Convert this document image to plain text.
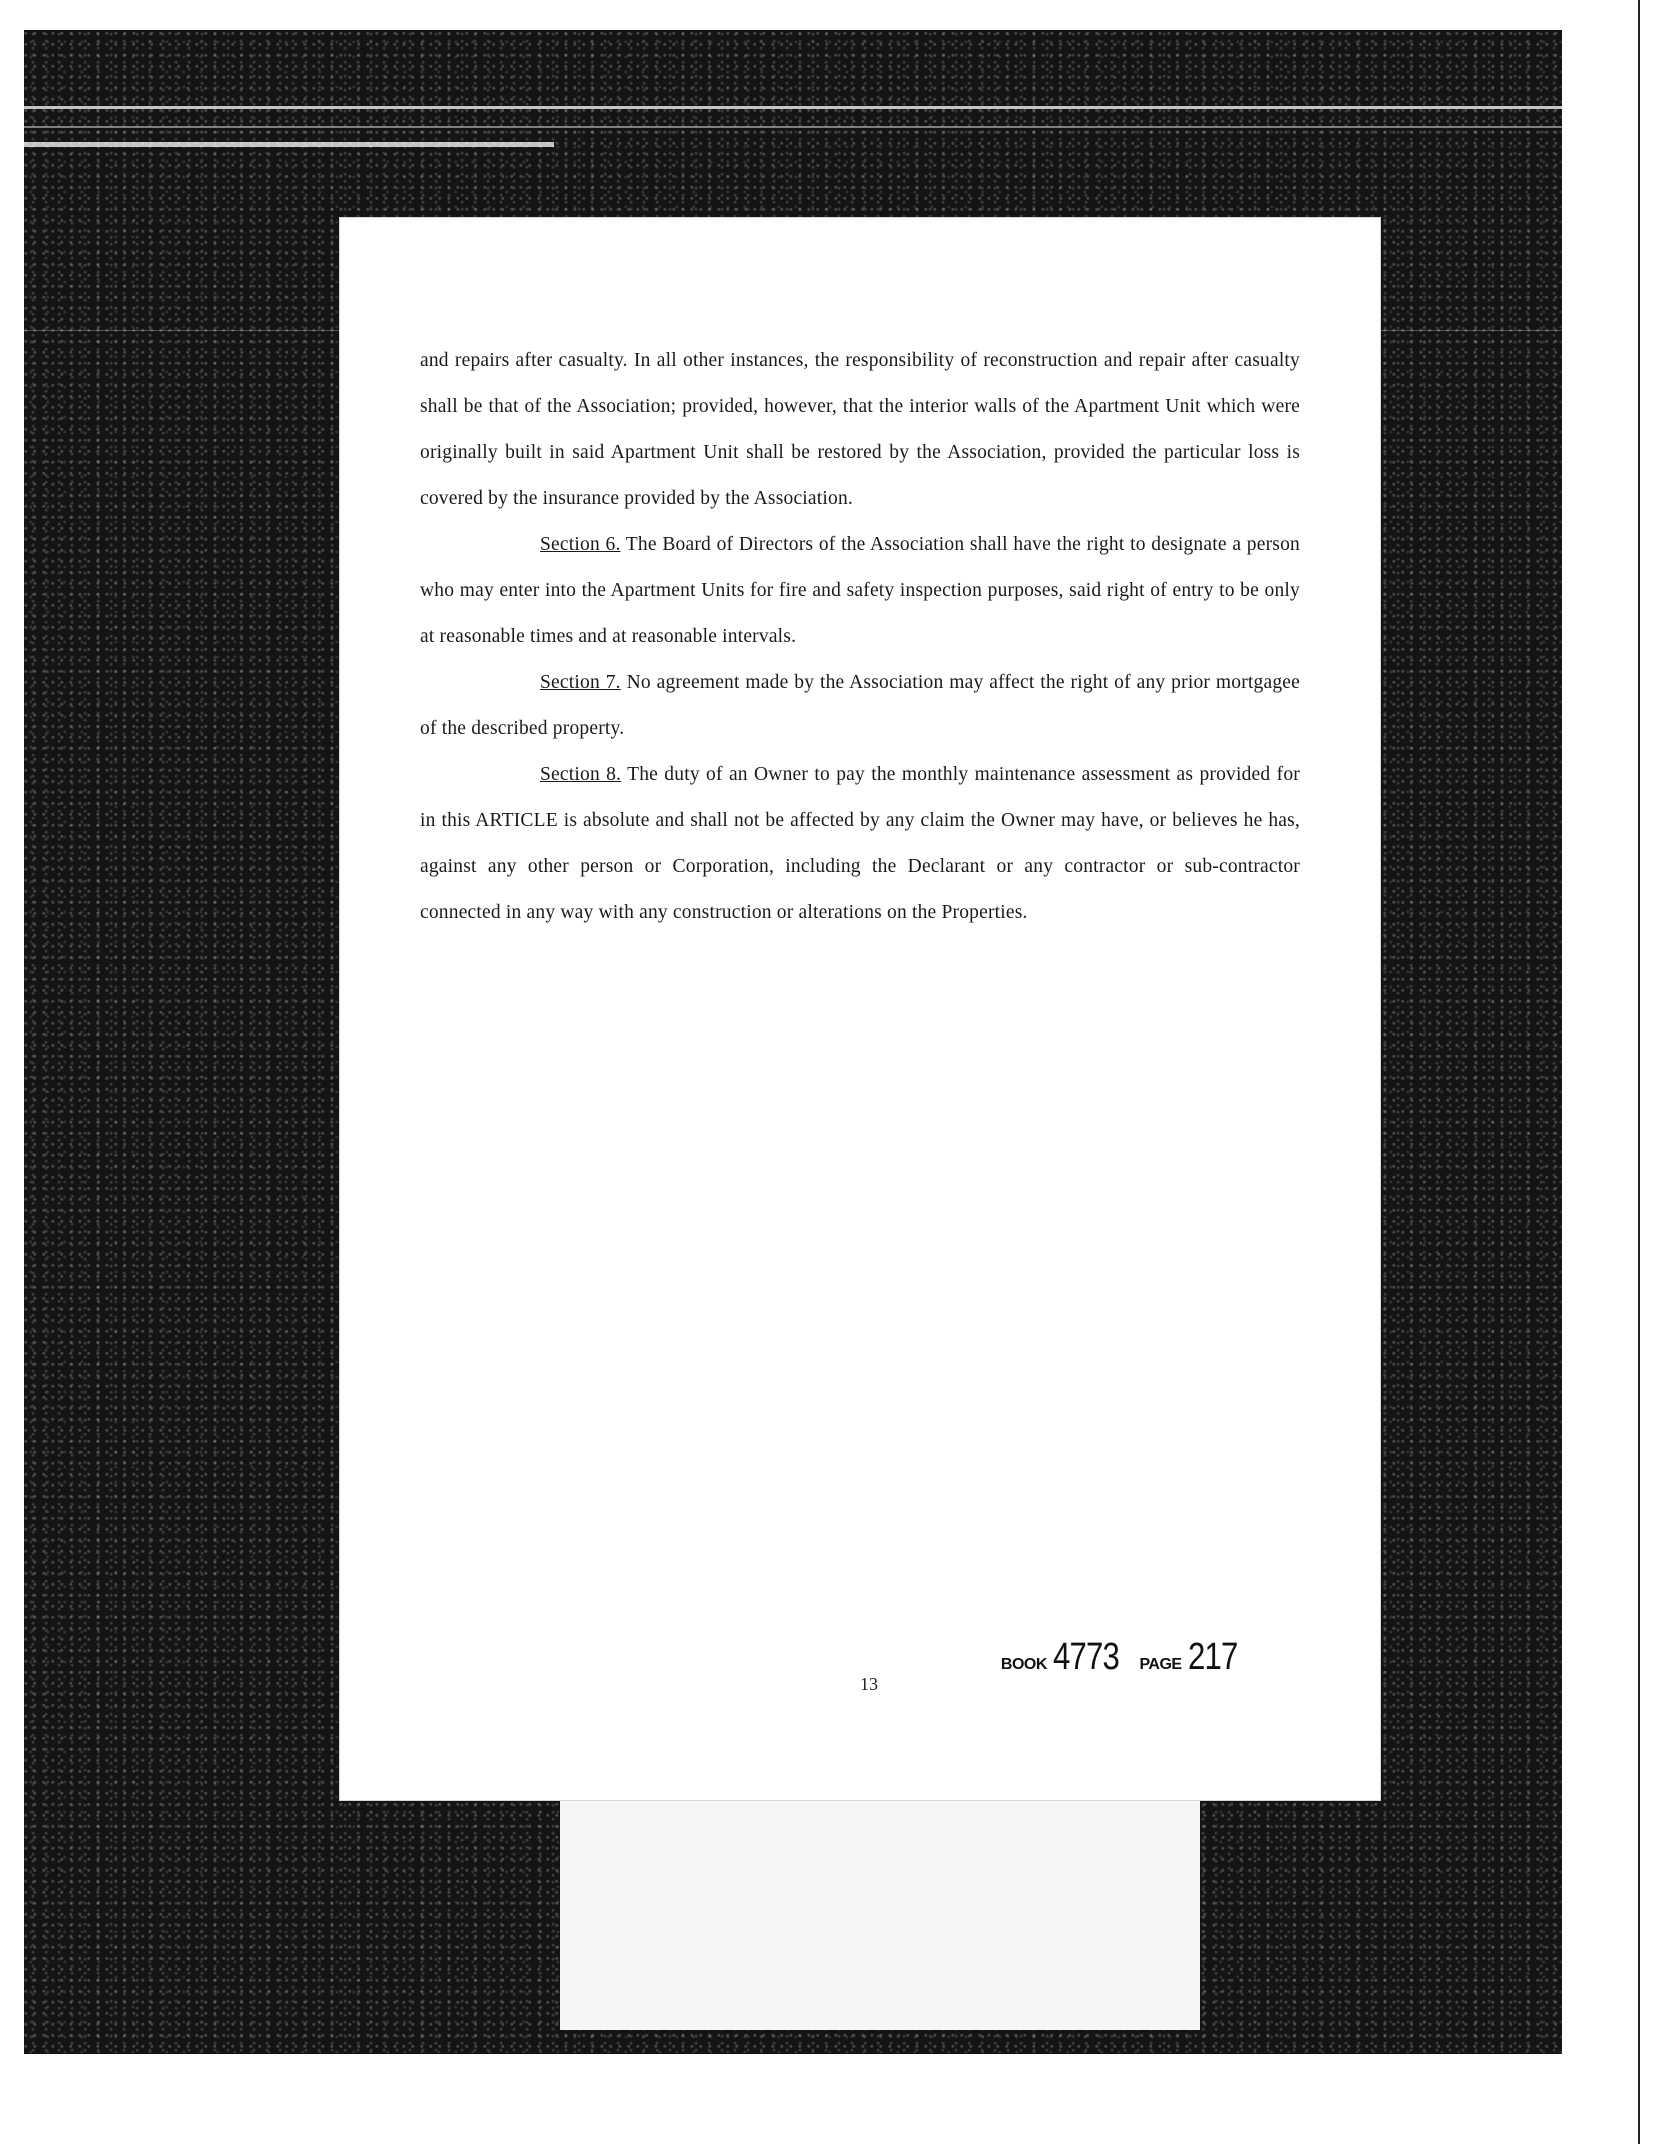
and repairs after casualty. In all other instances, the responsibility of reconstruction and repair after casualty shall be that of the Association; provided, however, that the interior walls of the Apartment Unit which were originally built in said Apartment Unit shall be restored by the Association, provided the particular loss is covered by the insurance provided by the Association.

Section 6. The Board of Directors of the Association shall have the right to designate a person who may enter into the Apartment Units for fire and safety inspection purposes, said right of entry to be only at reasonable times and at reasonable intervals.

Section 7. No agreement made by the Association may affect the right of any prior mortgagee of the described property.

Section 8. The duty of an Owner to pay the monthly maintenance assessment as provided for in this ARTICLE is absolute and shall not be affected by any claim the Owner may have, or believes he has, against any other person or Corporation, including the Declarant or any contractor or sub-contractor connected in any way with any construction or alterations on the Properties.

13
BOOK 4773 PAGE 217
